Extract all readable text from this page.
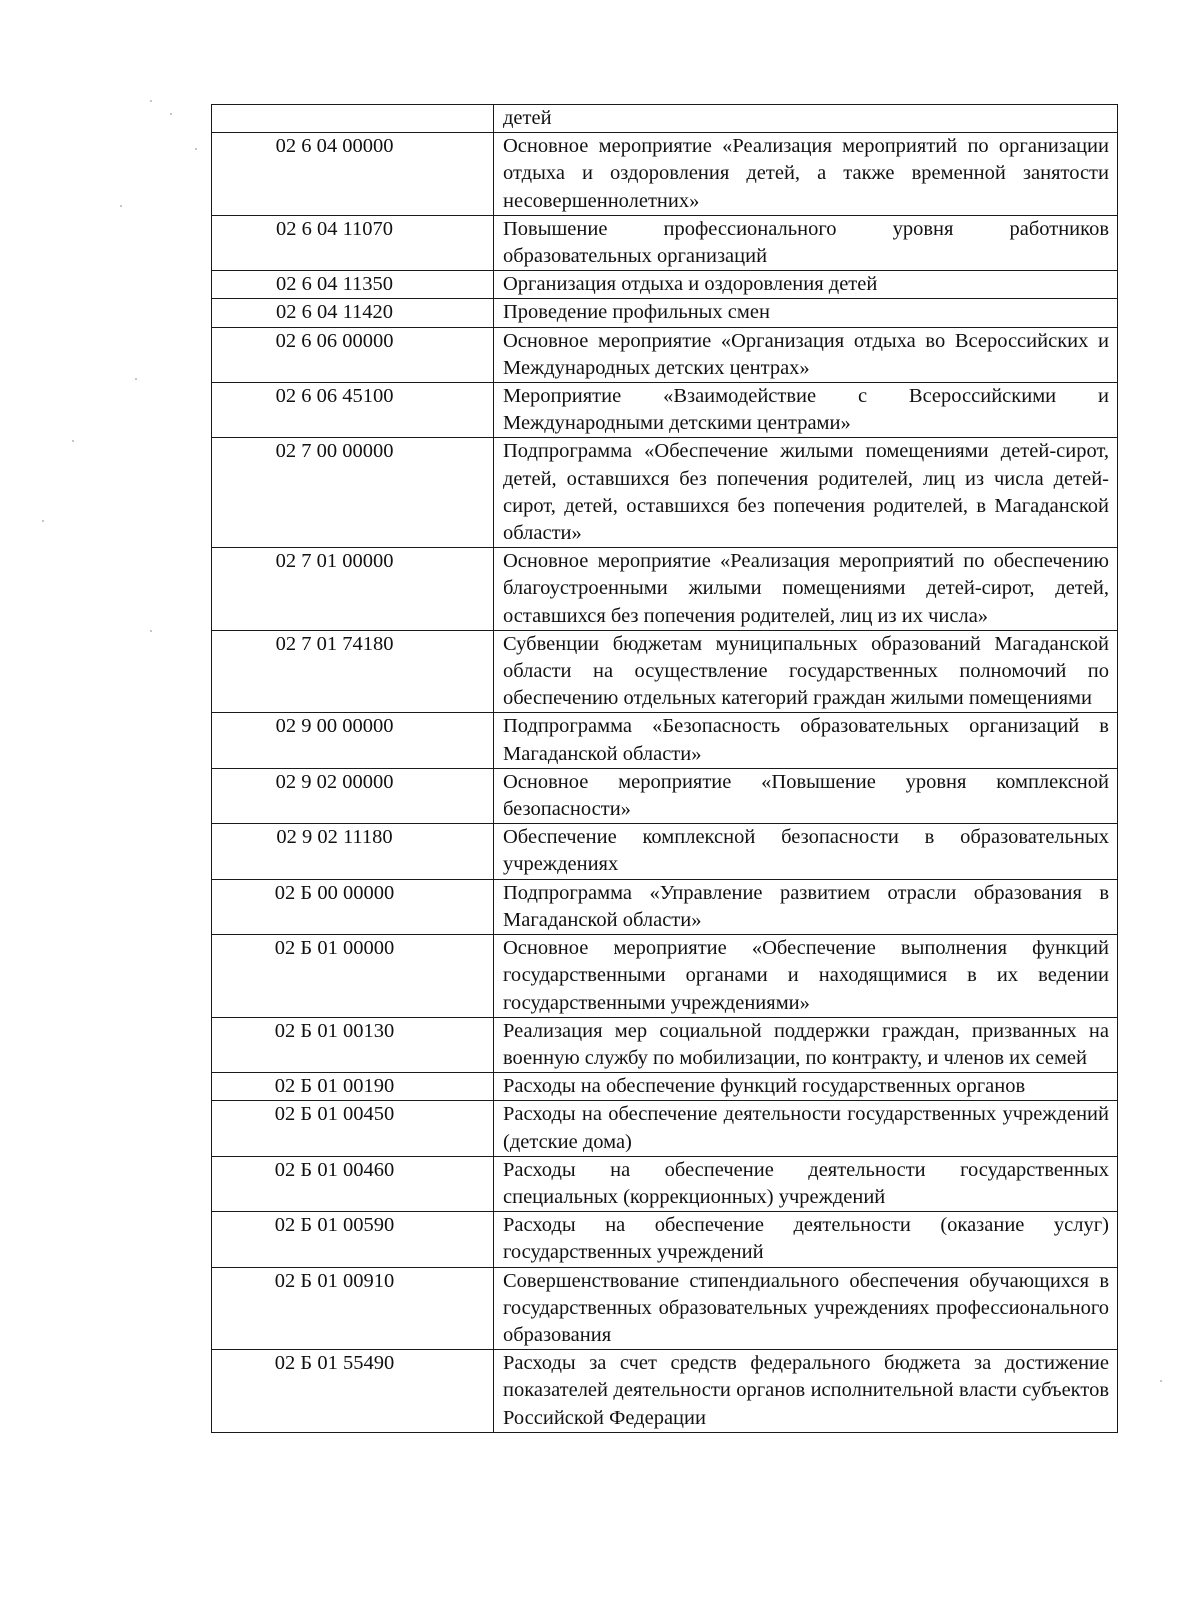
	детей
02 6 04 00000	Основное мероприятие «Реализация мероприятий по организации отдыха и оздоровления детей, а также временной занятости несовершеннолетних»
02 6 04 11070	Повышение профессионального уровня работников образовательных организаций
02 6 04 11350	Организация отдыха и оздоровления детей
02 6 04 11420	Проведение профильных смен
02 6 06 00000	Основное мероприятие «Организация отдыха во Всероссийских и Международных детских центрах»
02 6 06 45100	Мероприятие «Взаимодействие с Всероссийскими и Международными детскими центрами»
02 7 00 00000	Подпрограмма «Обеспечение жилыми помещениями детей-сирот, детей, оставшихся без попечения родителей, лиц из числа детей-сирот, детей, оставшихся без попечения родителей, в Магаданской области»
02 7 01 00000	Основное мероприятие «Реализация мероприятий по обеспечению благоустроенными жилыми помещениями детей-сирот, детей, оставшихся без попечения родителей, лиц из их числа»
02 7 01 74180	Субвенции бюджетам муниципальных образований Магаданской области на осуществление государственных полномочий по обеспечению отдельных категорий граждан жилыми помещениями
02 9 00 00000	Подпрограмма «Безопасность образовательных организаций в Магаданской области»
02 9 02 00000	Основное мероприятие «Повышение уровня комплексной безопасности»
02 9 02 11180	Обеспечение комплексной безопасности в образовательных учреждениях
02 Б 00 00000	Подпрограмма «Управление развитием отрасли образования в Магаданской области»
02 Б 01 00000	Основное мероприятие «Обеспечение выполнения функций государственными органами и находящимися в их ведении государственными учреждениями»
02 Б 01 00130	Реализация мер социальной поддержки граждан, призванных на военную службу по мобилизации, по контракту, и членов их семей
02 Б 01 00190	Расходы на обеспечение функций государственных органов
02 Б 01 00450	Расходы на обеспечение деятельности государственных учреждений (детские дома)
02 Б 01 00460	Расходы на обеспечение деятельности государственных специальных (коррекционных) учреждений
02 Б 01 00590	Расходы на обеспечение деятельности (оказание услуг) государственных учреждений
02 Б 01 00910	Совершенствование стипендиального обеспечения обучающихся в государственных образовательных учреждениях профессионального образования
02 Б 01 55490	Расходы за счет средств федерального бюджета за достижение показателей деятельности органов исполнительной власти субъектов Российской Федерации
